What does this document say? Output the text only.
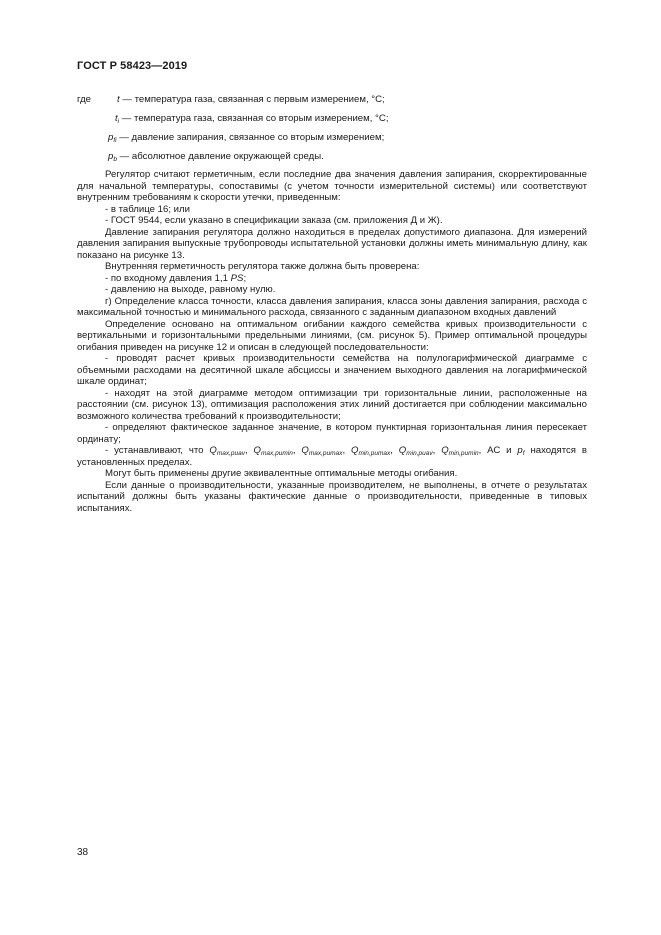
ГОСТ Р 58423—2019
где	t — температура газа, связанная с первым измерением, °C;
$t_i$ — температура газа, связанная со вторым измерением, °C;
$p_{fi}$ — давление запирания, связанное со вторым измерением;
$p_b$ — абсолютное давление окружающей среды.

Регулятор считают герметичным, если последние два значения давления запирания, скорректированные для начальной температуры, сопоставимы (с учетом точности измерительной системы) или соответствуют внутренним требованиям к скорости утечки, приведенным:

- в таблице 16; или

- ГОСТ 9544, если указано в спецификации заказа (см. приложения Д и Ж).

Давление запирания регулятора должно находиться в пределах допустимого диапазона. Для измерений давления запирания выпускные трубопроводы испытательной установки должны иметь минимальную длину, как показано на рисунке 13.

Внутренняя герметичность регулятора также должна быть проверена:

- по входному давления 1,1 PS;

- давлению на выходе, равному нулю.

г) Определение класса точности, класса давления запирания, класса зоны давления запирания, расхода с максимальной точностью и минимального расхода, связанного с заданным диапазоном входных давлений

Определение основано на оптимальном огибании каждого семейства кривых производительности с вертикальными и горизонтальными предельными линиями, (см. рисунок 5). Пример оптимальной процедуры огибания приведен на рисунке 12 и описан в следующей последовательности:

- проводят расчет кривых производительности семейства на полулогарифмической диаграмме с объемными расходами на десятичной шкале абсциссы и значением выходного давления на логарифмической шкале ординат;

- находят на этой диаграмме методом оптимизации три горизонтальные линии, расположенные на расстоянии (см. рисунок 13), оптимизация расположения этих линий достигается при соблюдении максимально возможного количества требований к производительности;

- определяют фактическое заданное значение, в котором пунктирная горизонтальная линия пересекает ординату;

- устанавливают, что $Q_{max,puav}$, $Q_{max,pumin}$, $Q_{max,pumax}$, $Q_{min,pumax}$, $Q_{min,puav}$, $Q_{min,pumin}$, АС и $p_f$ находятся в установленных пределах.

Могут быть применены другие эквивалентные оптимальные методы огибания.

Если данные о производительности, указанные производителем, не выполнены, в отчете о результатах испытаний должны быть указаны фактические данные о производительности, приведенные в типовых испытаниях.

38
